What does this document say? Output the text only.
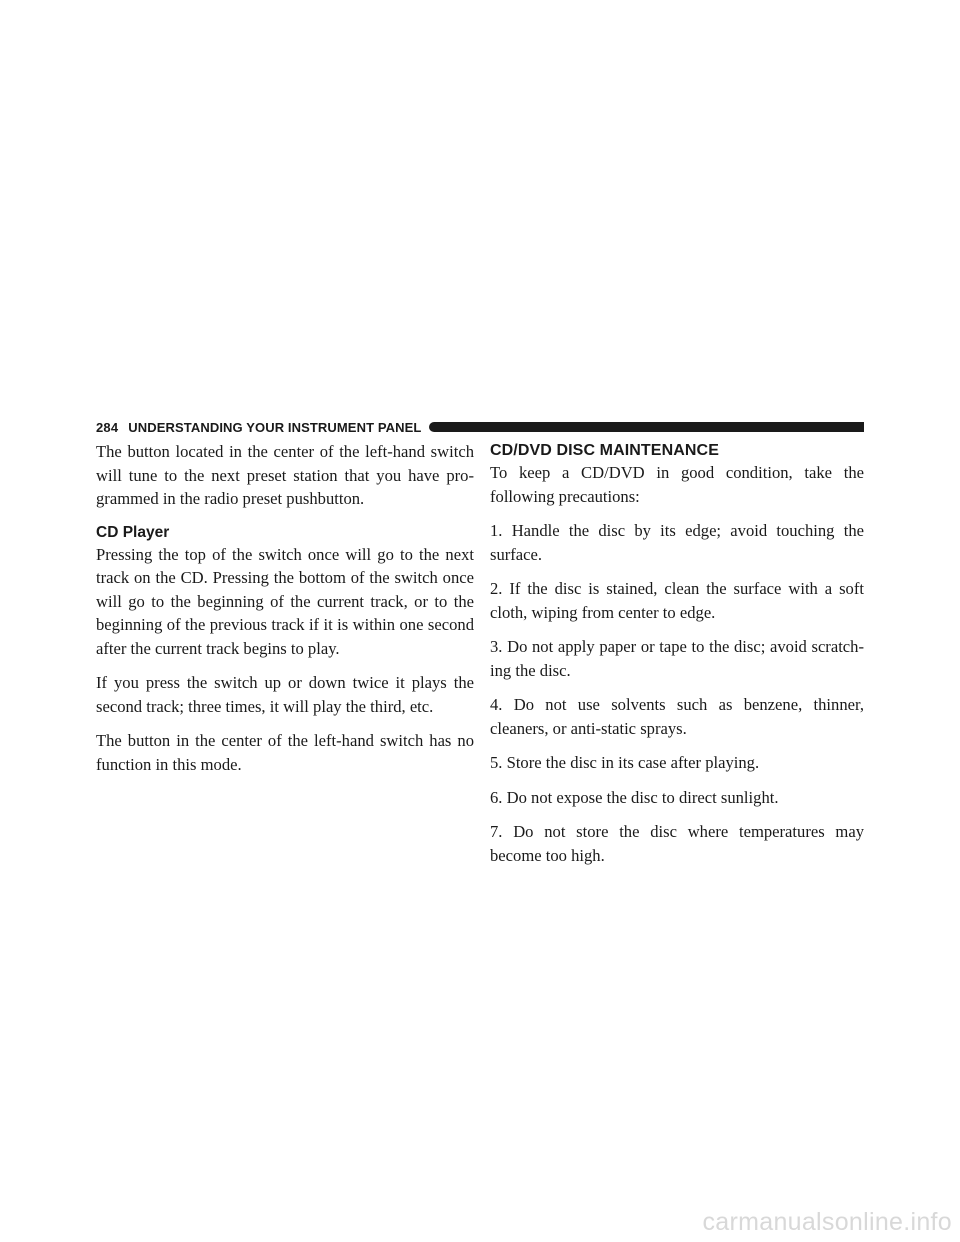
284 UNDERSTANDING YOUR INSTRUMENT PANEL

The button located in the center of the left-hand switch will tune to the next preset station that you have pro-grammed in the radio preset pushbutton.

CD Player

Pressing the top of the switch once will go to the next track on the CD. Pressing the bottom of the switch once will go to the beginning of the current track, or to the beginning of the previous track if it is within one second after the current track begins to play.

If you press the switch up or down twice it plays the second track; three times, it will play the third, etc.

The button in the center of the left-hand switch has no function in this mode.

CD/DVD DISC MAINTENANCE

To keep a CD/DVD in good condition, take the following precautions:

1. Handle the disc by its edge; avoid touching the surface.

2. If the disc is stained, clean the surface with a soft cloth, wiping from center to edge.

3. Do not apply paper or tape to the disc; avoid scratch-ing the disc.

4. Do not use solvents such as benzene, thinner, cleaners, or anti-static sprays.

5. Store the disc in its case after playing.

6. Do not expose the disc to direct sunlight.

7. Do not store the disc where temperatures may become too high.

carmanualsonline.info
